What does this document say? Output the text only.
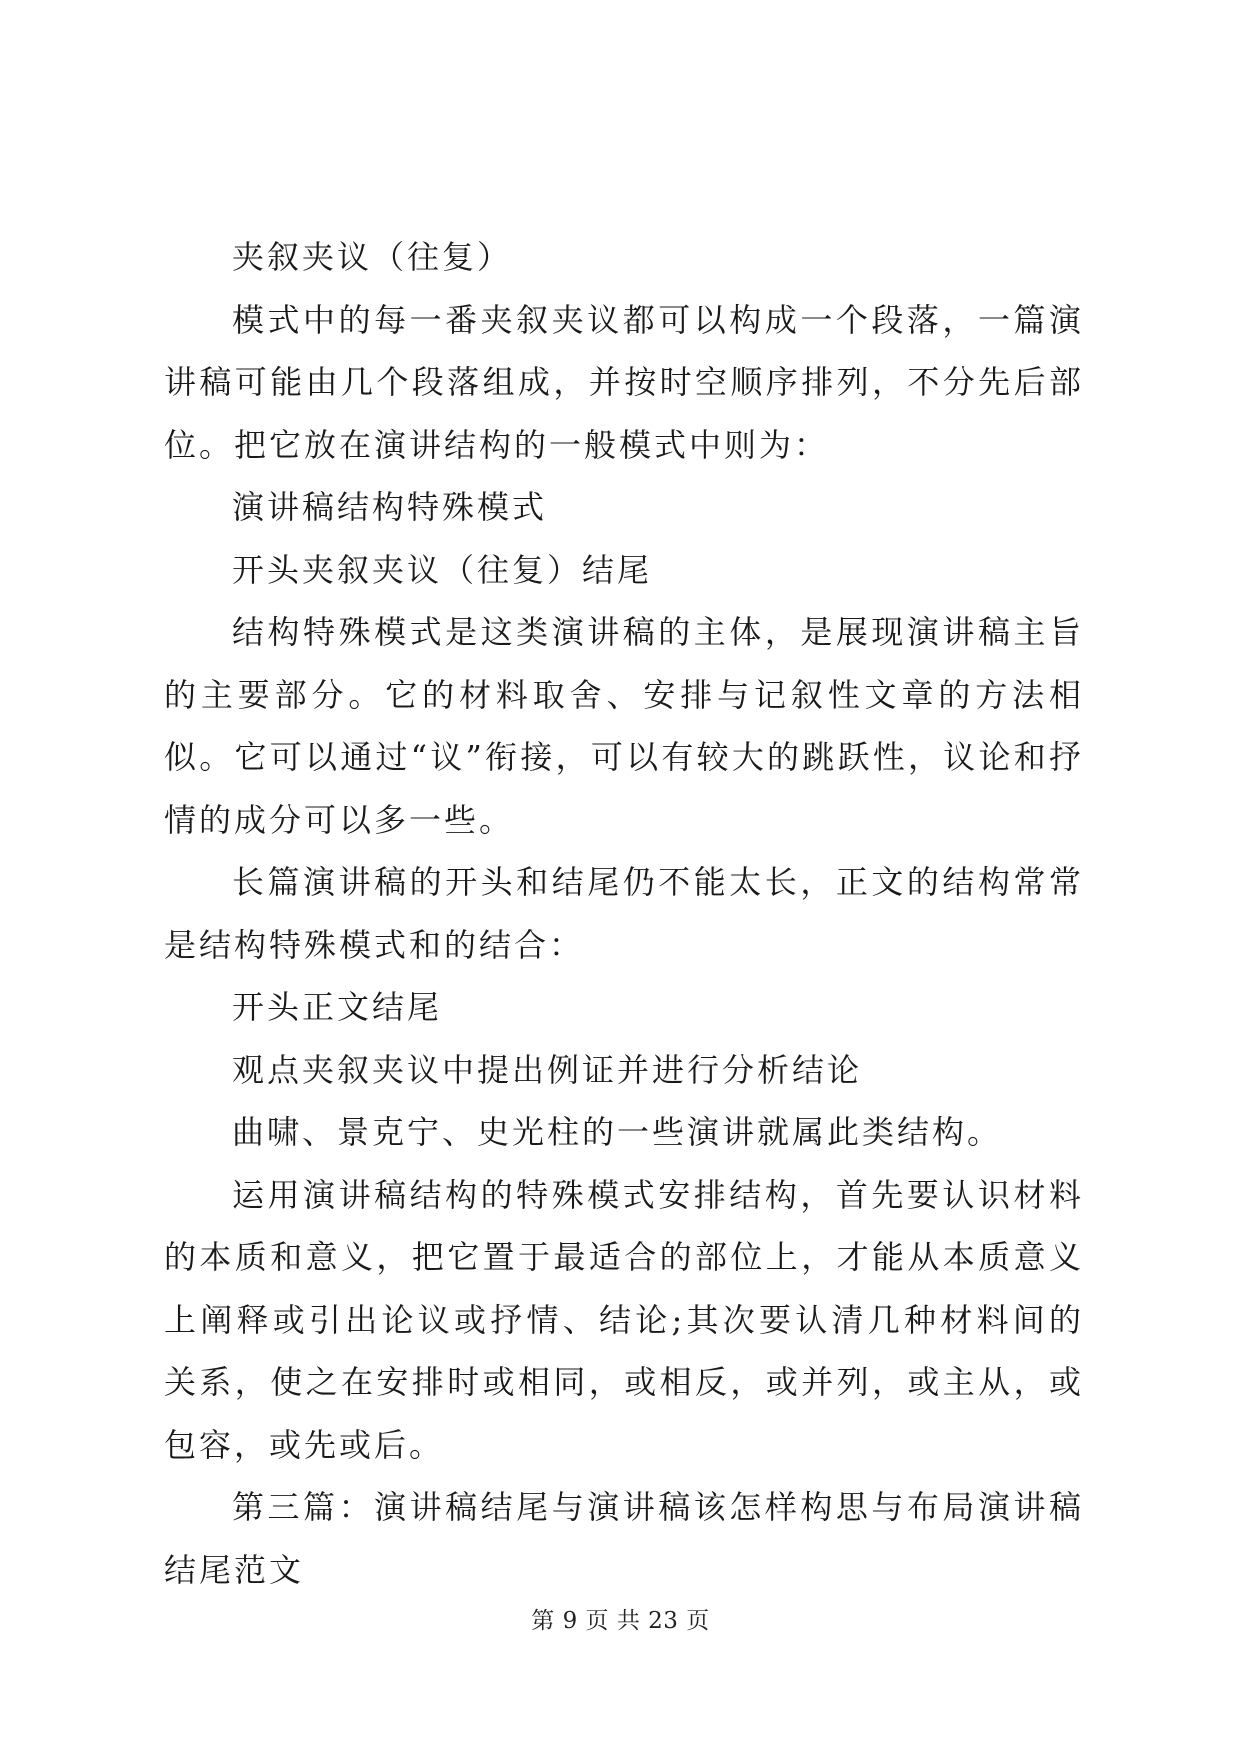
夹叙夹议（往复）

模式中的每一番夹叙夹议都可以构成一个段落，一篇演讲稿可能由几个段落组成，并按时空顺序排列，不分先后部位。把它放在演讲结构的一般模式中则为：

演讲稿结构特殊模式

开头夹叙夹议（往复）结尾

结构特殊模式是这类演讲稿的主体，是展现演讲稿主旨的主要部分。它的材料取舍、安排与记叙性文章的方法相似。它可以通过“议”衔接，可以有较大的跳跃性，议论和抒情的成分可以多一些。

长篇演讲稿的开头和结尾仍不能太长，正文的结构常常是结构特殊模式和的结合：

开头正文结尾

观点夹叙夹议中提出例证并进行分析结论

曲啸、景克宁、史光柱的一些演讲就属此类结构。

运用演讲稿结构的特殊模式安排结构，首先要认识材料的本质和意义，把它置于最适合的部位上，才能从本质意义上阐释或引出论议或抒情、结论;其次要认清几种材料间的关系，使之在安排时或相同，或相反，或并列，或主从，或包容，或先或后。

第三篇：演讲稿结尾与演讲稿该怎样构思与布局演讲稿结尾范文

第 9 页 共 23 页
